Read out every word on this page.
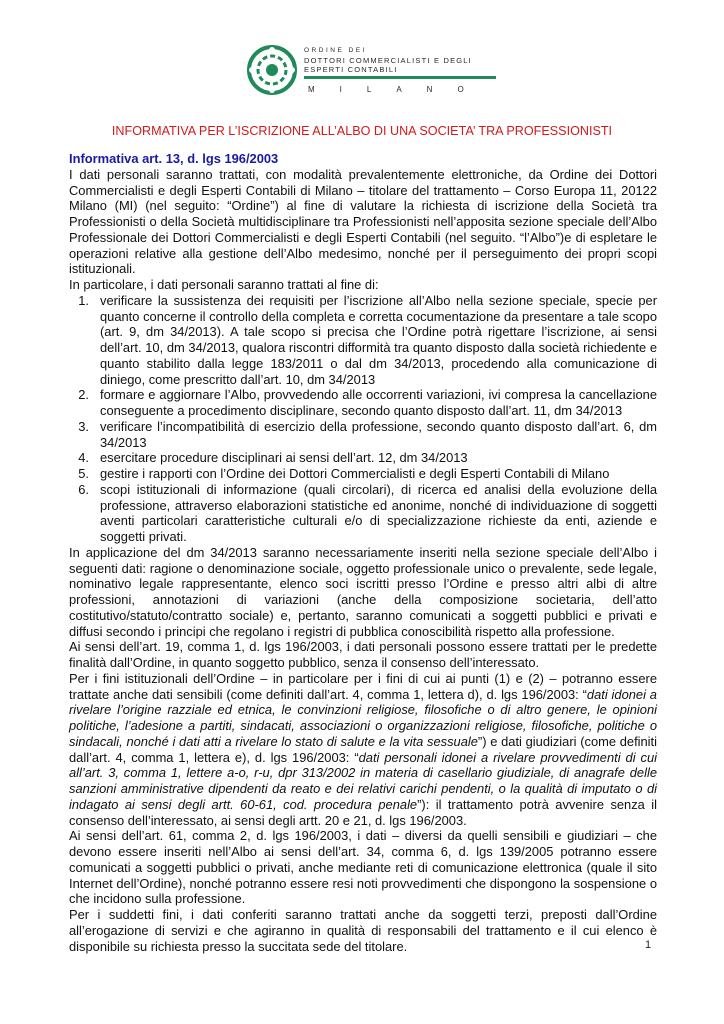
ORDINE DEI
DOTTORI COMMERCIALISTI E DEGLI
ESPERTI CONTABILI
MILANO
INFORMATIVA PER L’ISCRIZIONE ALL’ALBO DI UNA SOCIETA’ TRA PROFESSIONISTI

Informativa art. 13, d. lgs 196/2003

I dati personali saranno trattati, con modalità prevalentemente elettroniche, da Ordine dei Dottori Commercialisti e degli Esperti Contabili di Milano – titolare del trattamento – Corso Europa 11, 20122 Milano (MI) (nel seguito: “Ordine”) al fine di valutare la richiesta di iscrizione della Società tra Professionisti o della Società multidisciplinare tra Professionisti nell’apposita sezione speciale dell’Albo Professionale dei Dottori Commercialisti e degli Esperti Contabili (nel seguito. “l’Albo”)e di espletare le operazioni relative alla gestione dell’Albo medesimo, nonché per il perseguimento dei propri scopi istituzionali.

In particolare, i dati personali saranno trattati al fine di:

1. verificare la sussistenza dei requisiti per l’iscrizione all’Albo nella sezione speciale, specie per quanto concerne il controllo della completa e corretta cocumentazione da presentare a tale scopo (art. 9, dm 34/2013). A tale scopo si precisa che l’Ordine potrà rigettare l’iscrizione, ai sensi dell’art. 10, dm 34/2013, qualora riscontri difformità tra quanto disposto dalla società richiedente e quanto stabilito dalla legge 183/2011 o dal dm 34/2013, procedendo alla comunicazione di diniego, come prescritto dall’art. 10, dm 34/2013
2. formare e aggiornare l’Albo, provvedendo alle occorrenti variazioni, ivi compresa la cancellazione conseguente a procedimento disciplinare, secondo quanto disposto dall’art. 11, dm 34/2013
3. verificare l’incompatibilità di esercizio della professione, secondo quanto disposto dall’art. 6, dm 34/2013
4. esercitare procedure disciplinari ai sensi dell’art. 12, dm 34/2013
5. gestire i rapporti con l’Ordine dei Dottori Commercialisti e degli Esperti Contabili di Milano
6. scopi istituzionali di informazione (quali circolari), di ricerca ed analisi della evoluzione della professione, attraverso elaborazioni statistiche ed anonime, nonché di individuazione di soggetti aventi particolari caratteristiche culturali e/o di specializzazione richieste da enti, aziende e soggetti privati.

In applicazione del dm 34/2013 saranno necessariamente inseriti nella sezione speciale dell’Albo i seguenti dati: ragione o denominazione sociale, oggetto professionale unico o prevalente, sede legale, nominativo legale rappresentante, elenco soci iscritti presso l’Ordine e presso altri albi di altre professioni, annotazioni di variazioni (anche della composizione societaria, dell’atto costitutivo/statuto/contratto sociale) e, pertanto, saranno comunicati a soggetti pubblici e privati e diffusi secondo i principi che regolano i registri di pubblica conoscibilità rispetto alla professione.

Ai sensi dell’art. 19, comma 1, d. lgs 196/2003, i dati personali possono essere trattati per le predette finalità dall’Ordine, in quanto soggetto pubblico, senza il consenso dell’interessato.

Per i fini istituzionali dell’Ordine – in particolare per i fini di cui ai punti (1) e (2) – potranno essere trattate anche dati sensibili (come definiti dall’art. 4, comma 1, lettera d), d. lgs 196/2003: “dati idonei a rivelare l’origine razziale ed etnica, le convinzioni religiose, filosofiche o di altro genere, le opinioni politiche, l’adesione a partiti, sindacati, associazioni o organizzazioni religiose, filosofiche, politiche o sindacali, nonché i dati atti a rivelare lo stato di salute e la vita sessuale”) e dati giudiziari (come definiti dall’art. 4, comma 1, lettera e), d. lgs 196/2003: “dati personali idonei a rivelare provvedimenti di cui all’art. 3, comma 1, lettere a-o, r-u, dpr 313/2002 in materia di casellario giudiziale, di anagrafe delle sanzioni amministrative dipendenti da reato e dei relativi carichi pendenti, o la qualità di imputato o di indagato ai sensi degli artt. 60-61, cod. procedura penale”): il trattamento potrà avvenire senza il consenso dell’interessato, ai sensi degli artt. 20 e 21, d. lgs 196/2003.

Ai sensi dell’art. 61, comma 2, d. lgs 196/2003, i dati – diversi da quelli sensibili e giudiziari – che devono essere inseriti nell’Albo ai sensi dell’art. 34, comma 6, d. lgs 139/2005 potranno essere comunicati a soggetti pubblici o privati, anche mediante reti di comunicazione elettronica (quale il sito Internet dell’Ordine), nonché potranno essere resi noti provvedimenti che dispongono la sospensione o che incidono sulla professione.

Per i suddetti fini, i dati conferiti saranno trattati anche da soggetti terzi, preposti dall’Ordine all’erogazione di servizi e che agiranno in qualità di responsabili del trattamento e il cui elenco è disponibile su richiesta presso la succitata sede del titolare.	1
